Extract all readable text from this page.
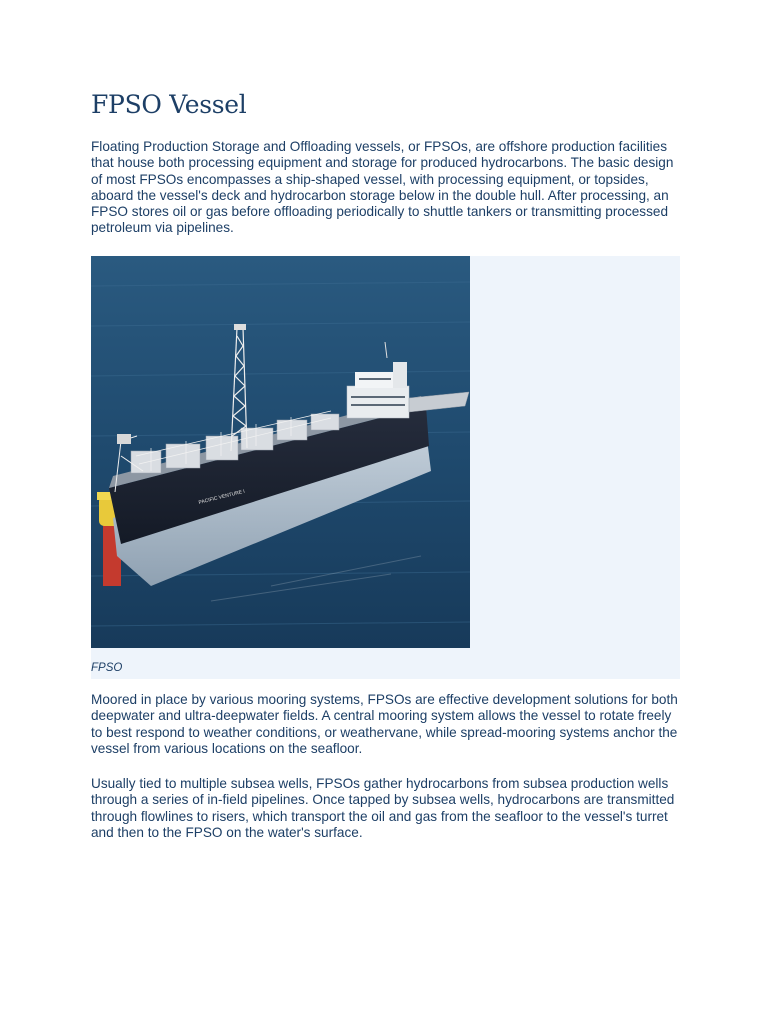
FPSO Vessel

Floating Production Storage and Offloading vessels, or FPSOs, are offshore production facilities that house both processing equipment and storage for produced hydrocarbons. The basic design of most FPSOs encompasses a ship-shaped vessel, with processing equipment, or topsides, aboard the vessel's deck and hydrocarbon storage below in the double hull. After processing, an FPSO stores oil or gas before offloading periodically to shuttle tankers or transmitting processed petroleum via pipelines.

PACIFIC VENTURE I

FPSO

Moored in place by various mooring systems, FPSOs are effective development solutions for both deepwater and ultra-deepwater fields. A central mooring system allows the vessel to rotate freely to best respond to weather conditions, or weathervane, while spread-mooring systems anchor the vessel from various locations on the seafloor.

Usually tied to multiple subsea wells, FPSOs gather hydrocarbons from subsea production wells through a series of in-field pipelines. Once tapped by subsea wells, hydrocarbons are transmitted through flowlines to risers, which transport the oil and gas from the seafloor to the vessel's turret and then to the FPSO on the water's surface.
